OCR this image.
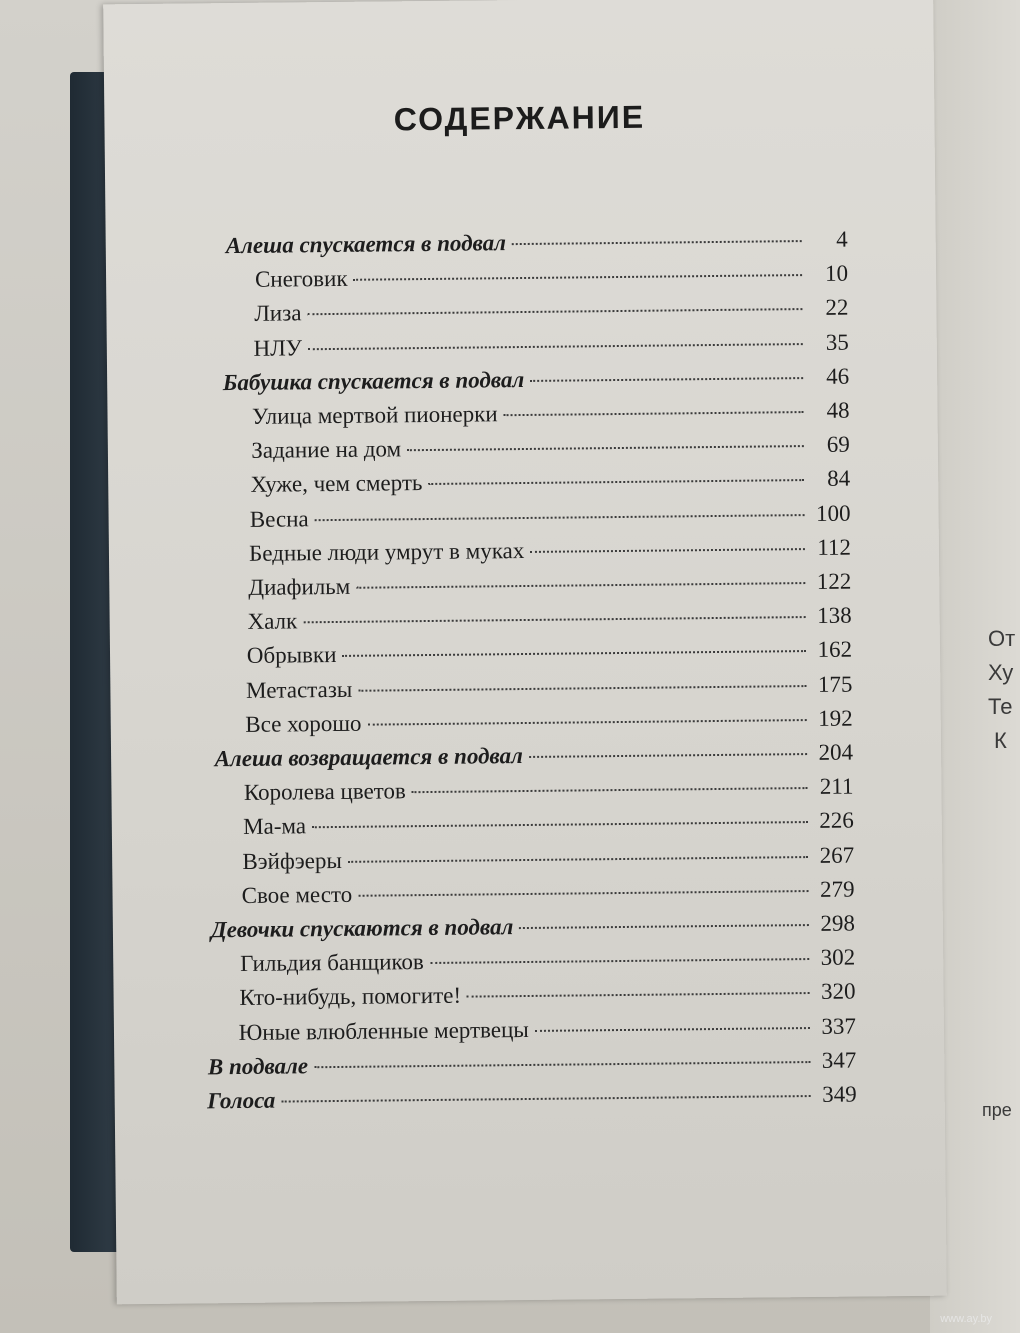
От
Ху
Те
К
пре
СОДЕРЖАНИЕ
Алеша спускается в подвал	4
Снеговик	10
Лиза	22
НЛУ	35
Бабушка спускается в подвал	46
Улица мертвой пионерки	48
Задание на дом	69
Хуже, чем смерть	84
Весна	100
Бедные люди умрут в муках	112
Диафильм	122
Халк	138
Обрывки	162
Метастазы	175
Все хорошо	192
Алеша возвращается в подвал	204
Королева цветов	211
Ма-ма	226
Вэйфэеры	267
Свое место	279
Девочки спускаются в подвал	298
Гильдия банщиков	302
Кто-нибудь, помогите!	320
Юные влюбленные мертвецы	337
В подвале	347
Голоса	349
www.ay.by
